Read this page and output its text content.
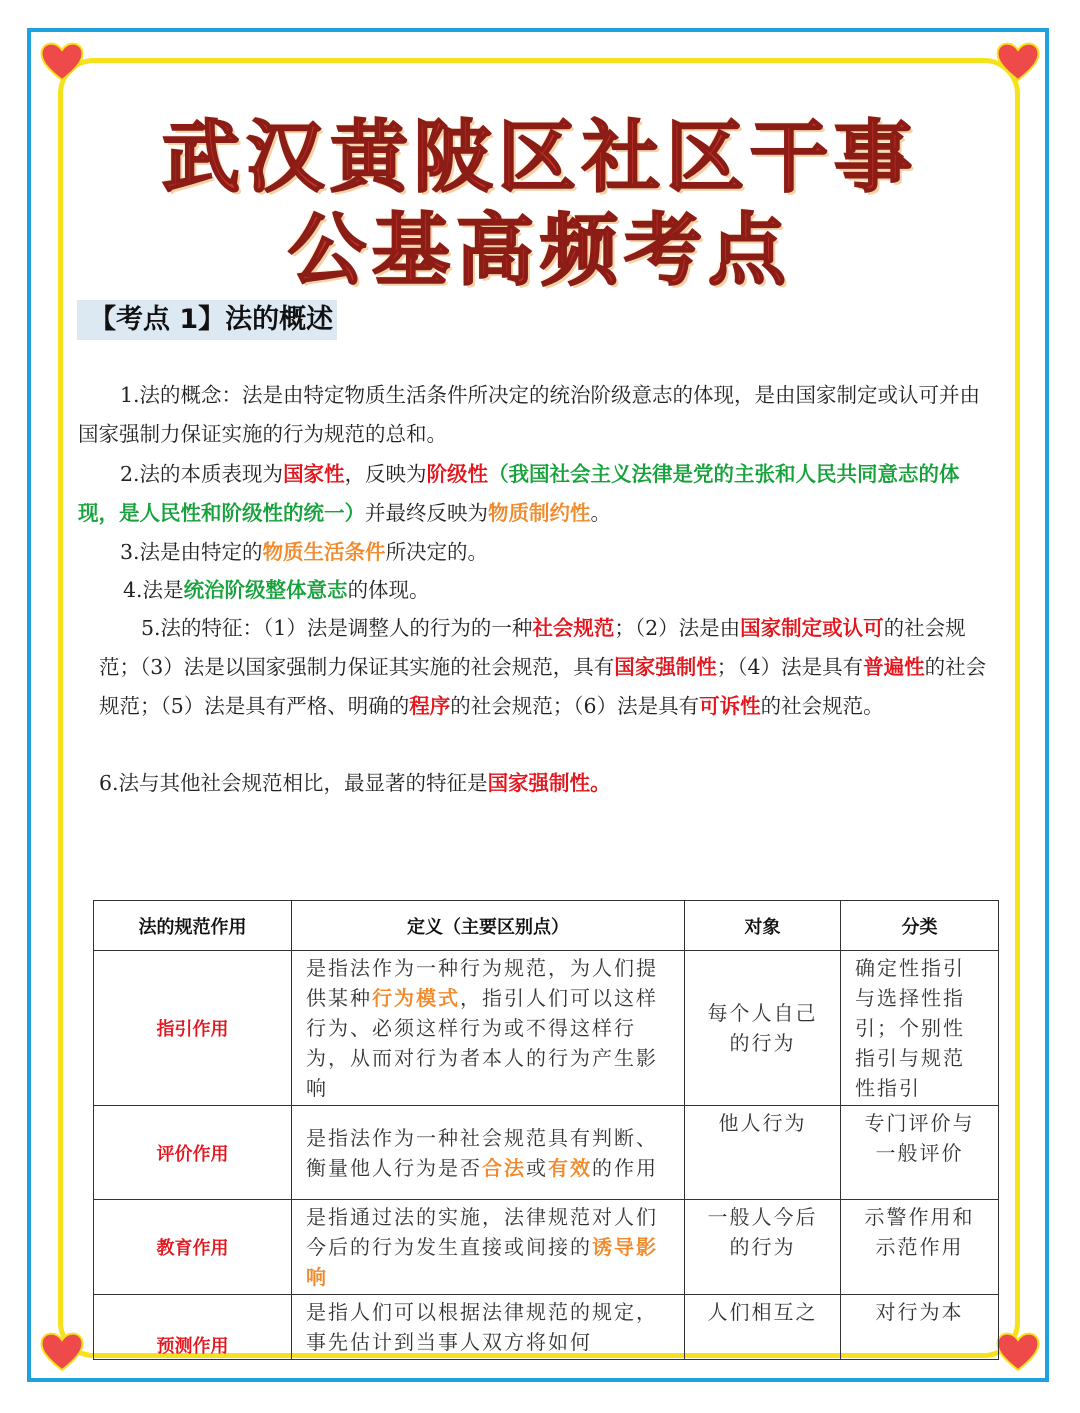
武汉黄陂区社区干事
公基高频考点
【考点 1】法的概述

1.法的概念：法是由特定物质生活条件所决定的统治阶级意志的体现，是由国家制定或认可并由国家强制力保证实施的行为规范的总和。

2.法的本质表现为国家性，反映为阶级性（我国社会主义法律是党的主张和人民共同意志的体现，是人民性和阶级性的统一）并最终反映为物质制约性。

3.法是由特定的物质生活条件所决定的。

4.法是统治阶级整体意志的体现。

5.法的特征：（1）法是调整人的行为的一种社会规范；（2）法是由国家制定或认可的社会规范；（3）法是以国家强制力保证其实施的社会规范，具有国家强制性；（4）法是具有普遍性的社会规范；（5）法是具有严格、明确的程序的社会规范；（6）法是具有可诉性的社会规范。

6.法与其他社会规范相比，最显著的特征是国家强制性。

法的规范作用	定义（主要区别点）	对象	分类
指引作用	是指法作为一种行为规范，为人们提供某种行为模式，指引人们可以这样行为、必须这样行为或不得这样行为，从而对行为者本人的行为产生影响	每个人自己的行为	确定性指引与选择性指引；个别性指引与规范性指引
评价作用	是指法作为一种社会规范具有判断、衡量他人行为是否合法或有效的作用	他人行为	专门评价与一般评价
教育作用	是指通过法的实施，法律规范对人们今后的行为发生直接或间接的诱导影响	一般人今后的行为	示警作用和示范作用
预测作用	是指人们可以根据法律规范的规定，事先估计到当事人双方将如何	人们相互之	对行为本
